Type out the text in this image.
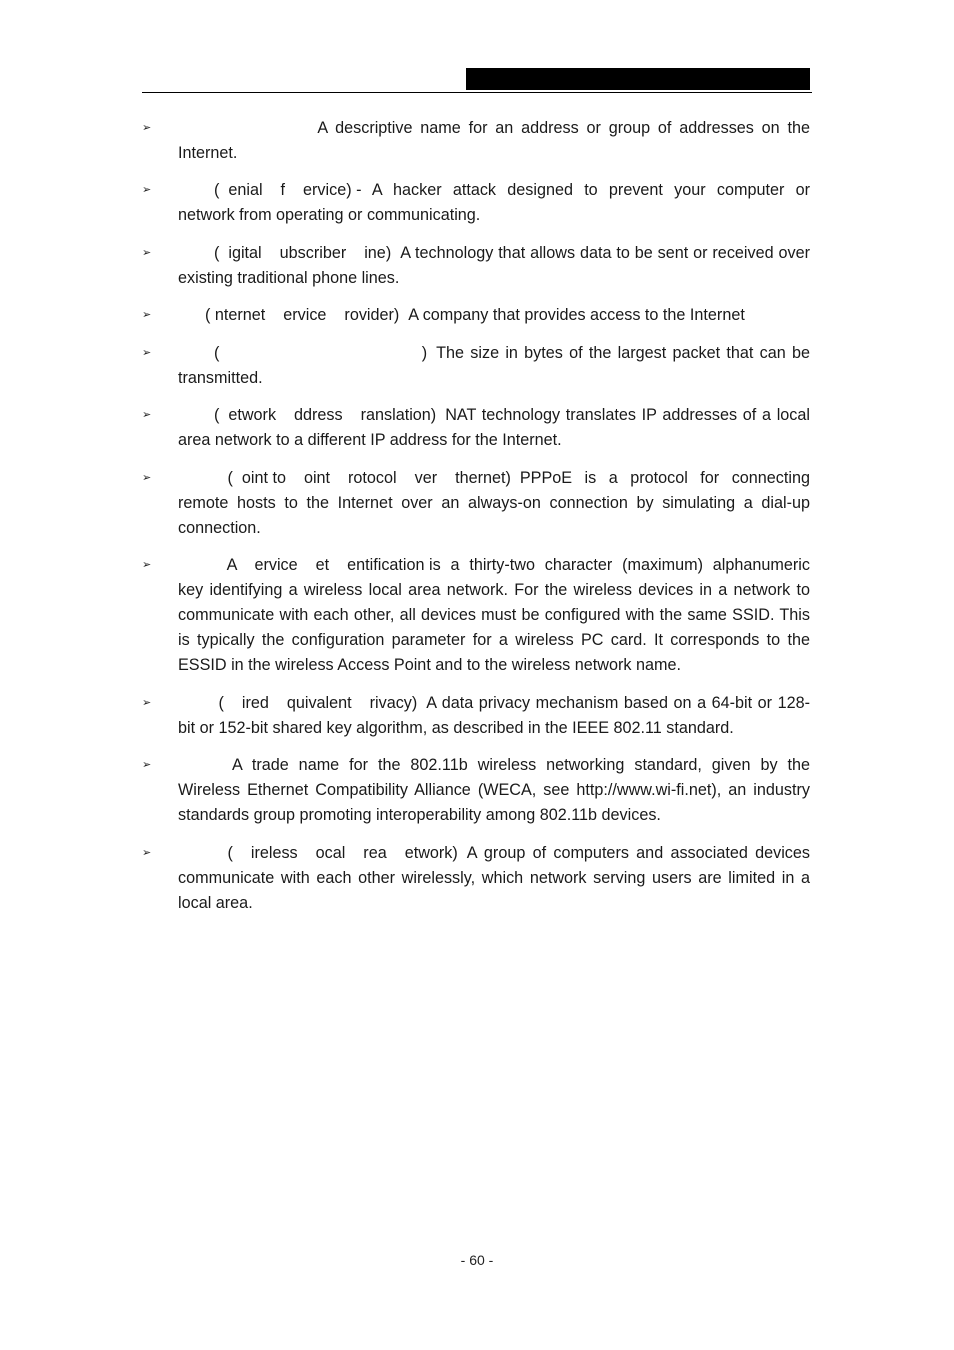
➢	A descriptive name for an address or group of addresses on the Internet.
➢ (  enial    f    ervice) - A hacker attack designed to prevent your computer or network from operating or communicating.
➢ (  igital    ubscriber    ine)  A technology that allows data to be sent or received over existing traditional phone lines.
➢ ( nternet    ervice    rovider)  A company that provides access to the Internet
➢ (                                             )  The size in bytes of the largest packet that can be transmitted.
➢ (  etwork    ddress    ranslation)  NAT technology translates IP addresses of a local area network to a different IP address for the Internet.
➢ (  oint to    oint    rotocol    ver    thernet)  PPPoE is a protocol for connecting remote hosts to the Internet over an always-on connection by simulating a dial-up connection.
➢ A    ervice    et    entification is a thirty-two character (maximum) alphanumeric key identifying a wireless local area network. For the wireless devices in a network to communicate with each other, all devices must be configured with the same SSID. This is typically the configuration parameter for a wireless PC card. It corresponds to the ESSID in the wireless Access Point and to the wireless network name.
➢ (    ired    quivalent    rivacy)  A data privacy mechanism based on a 64-bit or 128-bit or 152-bit shared key algorithm, as described in the IEEE 802.11 standard.
➢	A trade name for the 802.11b wireless networking standard, given by the Wireless Ethernet Compatibility Alliance (WECA, see http://www.wi-fi.net), an industry standards group promoting interoperability among 802.11b devices.
➢ (    ireless    ocal    rea    etwork)  A group of computers and associated devices communicate with each other wirelessly, which network serving users are limited in a local area.
- 60 -
